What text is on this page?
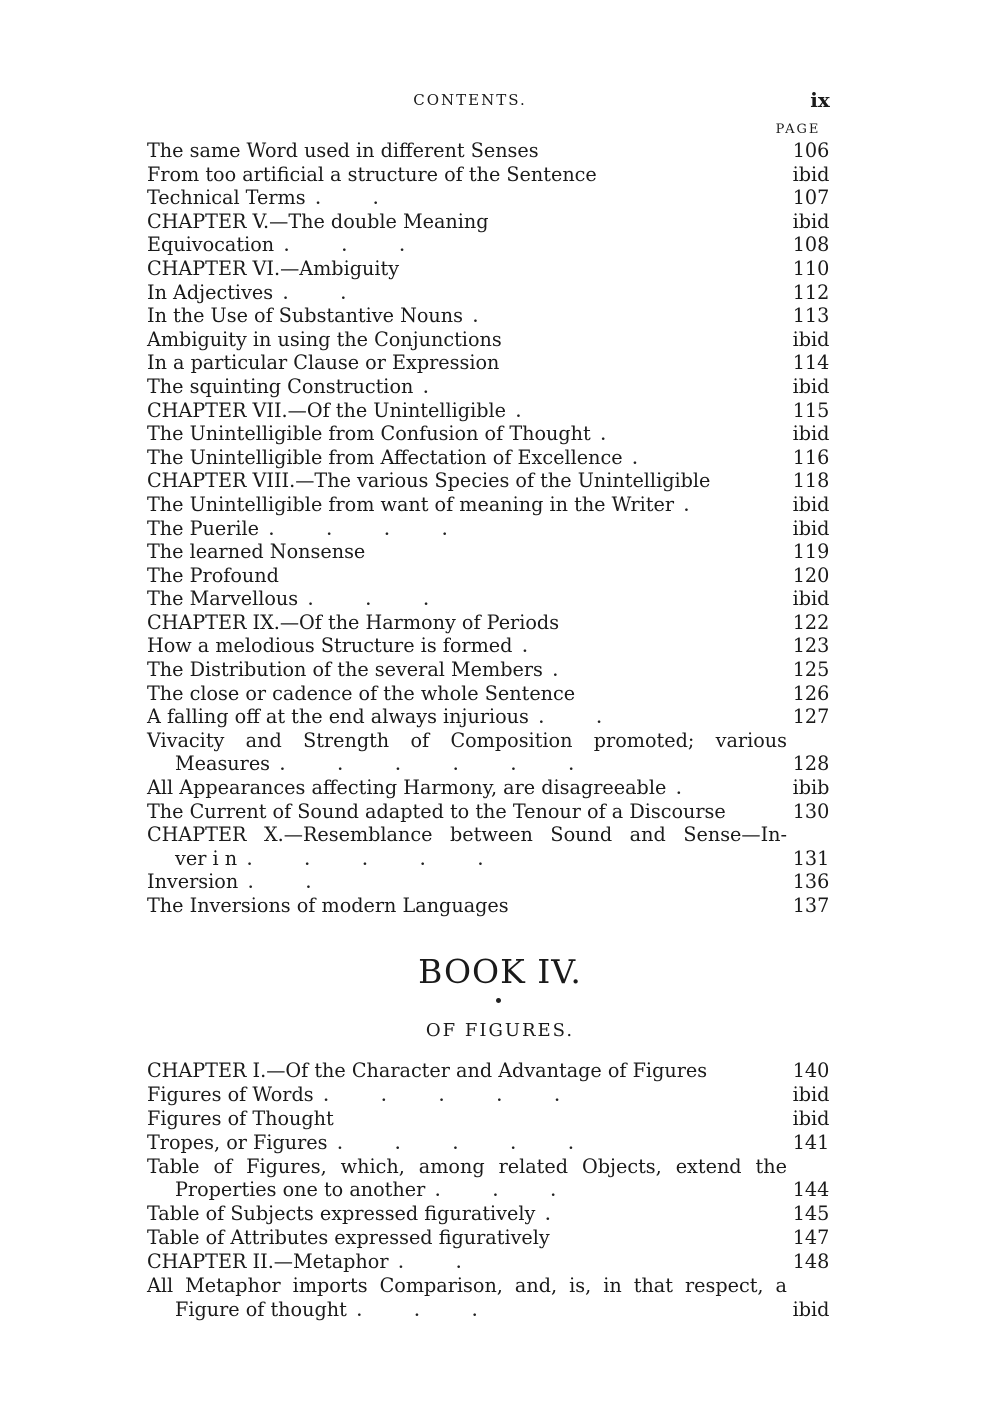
CONTENTS.	ix
PAGE
The same Word used in different Senses	106
From too artificial a structure of the Sentence	ibid
Technical Terms . .	107
CHAPTER V.—The double Meaning	ibid
Equivocation . . .	108
CHAPTER VI.—Ambiguity	110
In Adjectives . .	112
In the Use of Substantive Nouns .	113
Ambiguity in using the Conjunctions	ibid
In a particular Clause or Expression	114
The squinting Construction .	ibid
CHAPTER VII.—Of the Unintelligible .	115
The Unintelligible from Confusion of Thought .	ibid
The Unintelligible from Affectation of Excellence .	116
CHAPTER VIII.—The various Species of the Unintelligible	118
The Unintelligible from want of meaning in the Writer .	ibid
The Puerile . . . .	ibid
The learned Nonsense	119
The Profound	120
The Marvellous . . .	ibid
CHAPTER IX.—Of the Harmony of Periods	122
How a melodious Structure is formed .	123
The Distribution of the several Members .	125
The close or cadence of the whole Sentence	126
A falling off at the end always injurious . .	127
Vivacity and Strength of Composition promoted; various
Measures . . . . . .	128
All Appearances affecting Harmony, are disagreeable .	ibib
The Current of Sound adapted to the Tenour of a Discourse	130
CHAPTER X.—Resemblance between Sound and Sense—In-
ver i n . . . . .	131
Inversion . .	136
The Inversions of modern Languages	137
BOOK IV.
OF FIGURES.
CHAPTER I.—Of the Character and Advantage of Figures	140
Figures of Words . . . . .	ibid
Figures of Thought	ibid
Tropes, or Figures . . . . .	141
Table of Figures, which, among related Objects, extend the
Properties one to another . . .	144
Table of Subjects expressed figuratively .	145
Table of Attributes expressed figuratively	147
CHAPTER II.—Metaphor . .	148
All Metaphor imports Comparison, and, is, in that respect, a
Figure of thought . . .	ibid
